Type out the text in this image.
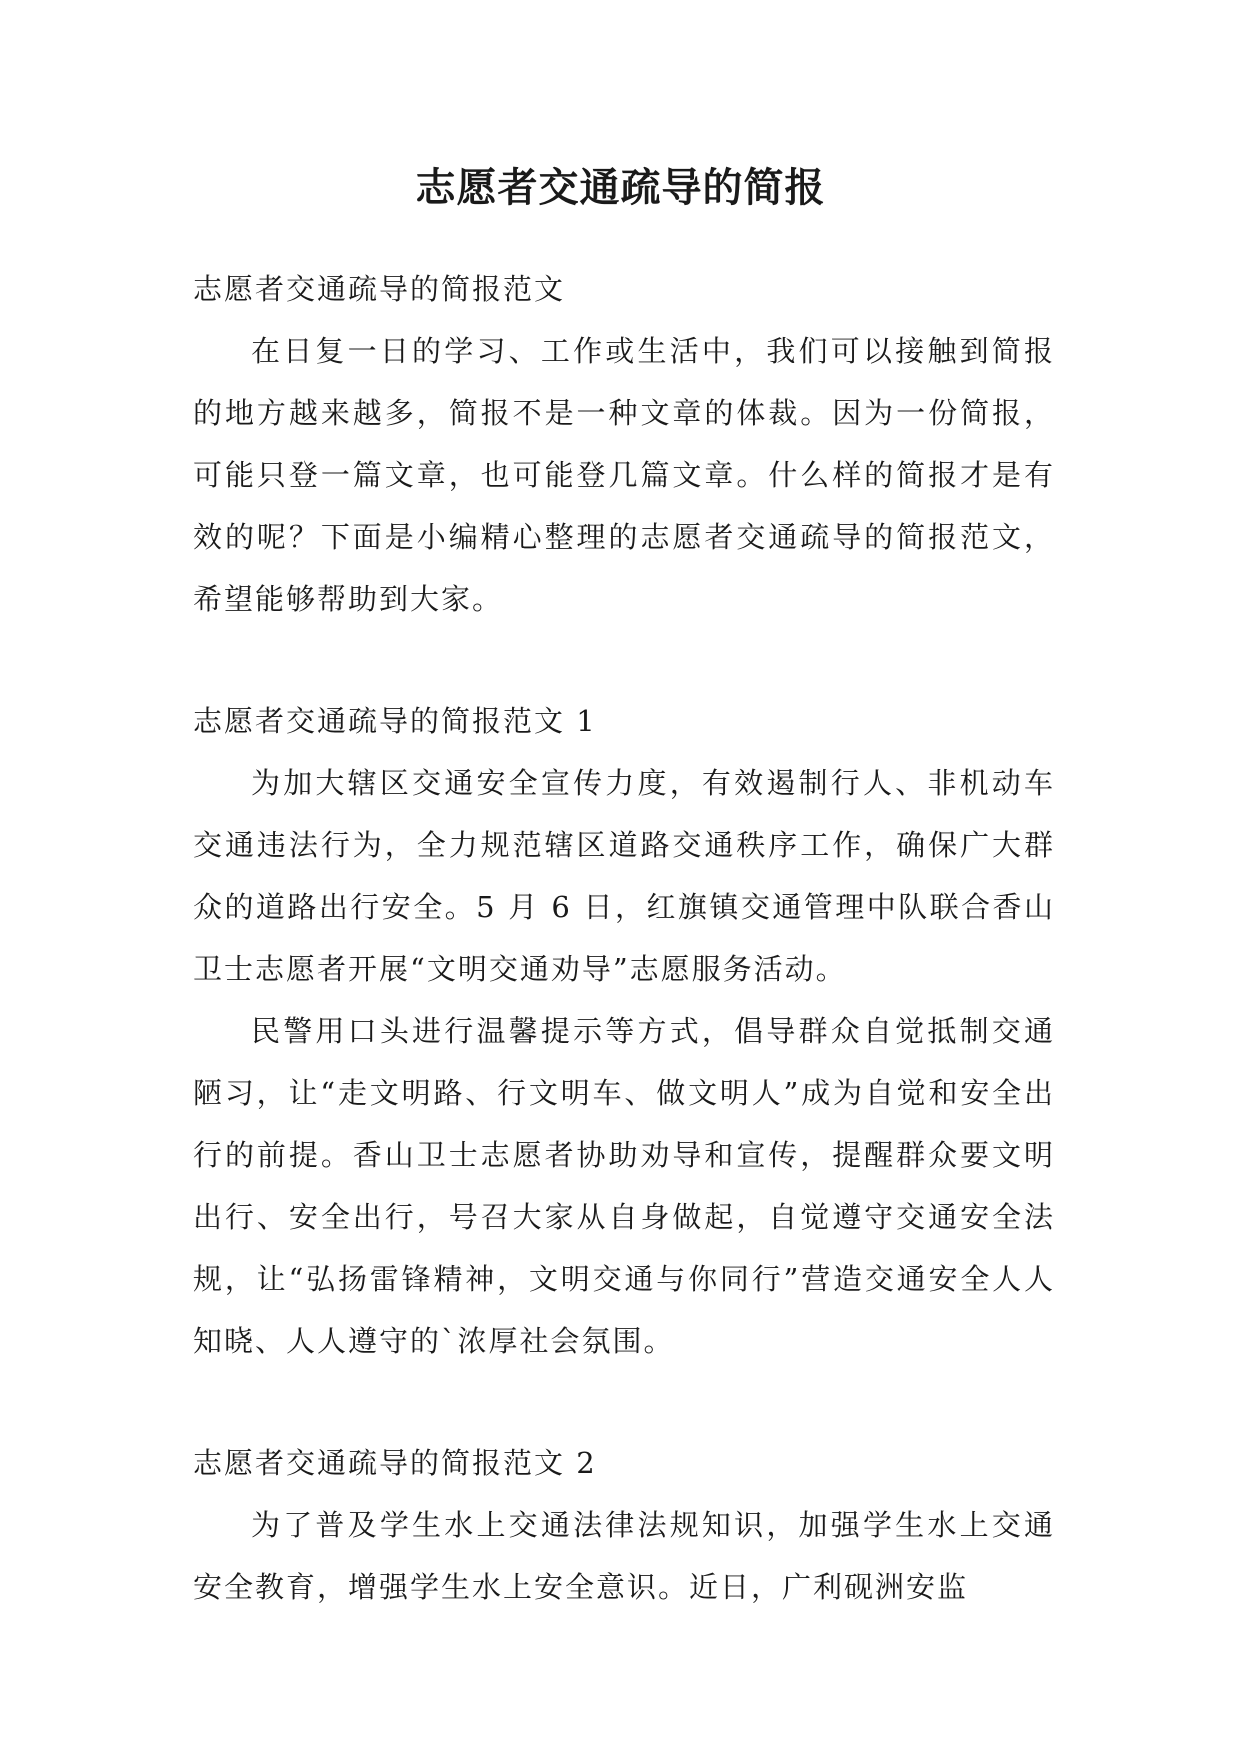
志愿者交通疏导的简报

志愿者交通疏导的简报范文

在日复一日的学习、工作或生活中，我们可以接触到简报的地方越来越多，简报不是一种文章的体裁。因为一份简报，可能只登一篇文章，也可能登几篇文章。什么样的简报才是有效的呢？下面是小编精心整理的志愿者交通疏导的简报范文，希望能够帮助到大家。

志愿者交通疏导的简报范文 1

为加大辖区交通安全宣传力度，有效遏制行人、非机动车交通违法行为，全力规范辖区道路交通秩序工作，确保广大群众的道路出行安全。5 月 6 日，红旗镇交通管理中队联合香山卫士志愿者开展“文明交通劝导”志愿服务活动。

民警用口头进行温馨提示等方式，倡导群众自觉抵制交通陋习，让“走文明路、行文明车、做文明人”成为自觉和安全出行的前提。香山卫士志愿者协助劝导和宣传，提醒群众要文明出行、安全出行，号召大家从自身做起，自觉遵守交通安全法规，让“弘扬雷锋精神，文明交通与你同行”营造交通安全人人知晓、人人遵守的`浓厚社会氛围。

志愿者交通疏导的简报范文 2

为了普及学生水上交通法律法规知识，加强学生水上交通安全教育，增强学生水上安全意识。近日，广利砚洲安监
